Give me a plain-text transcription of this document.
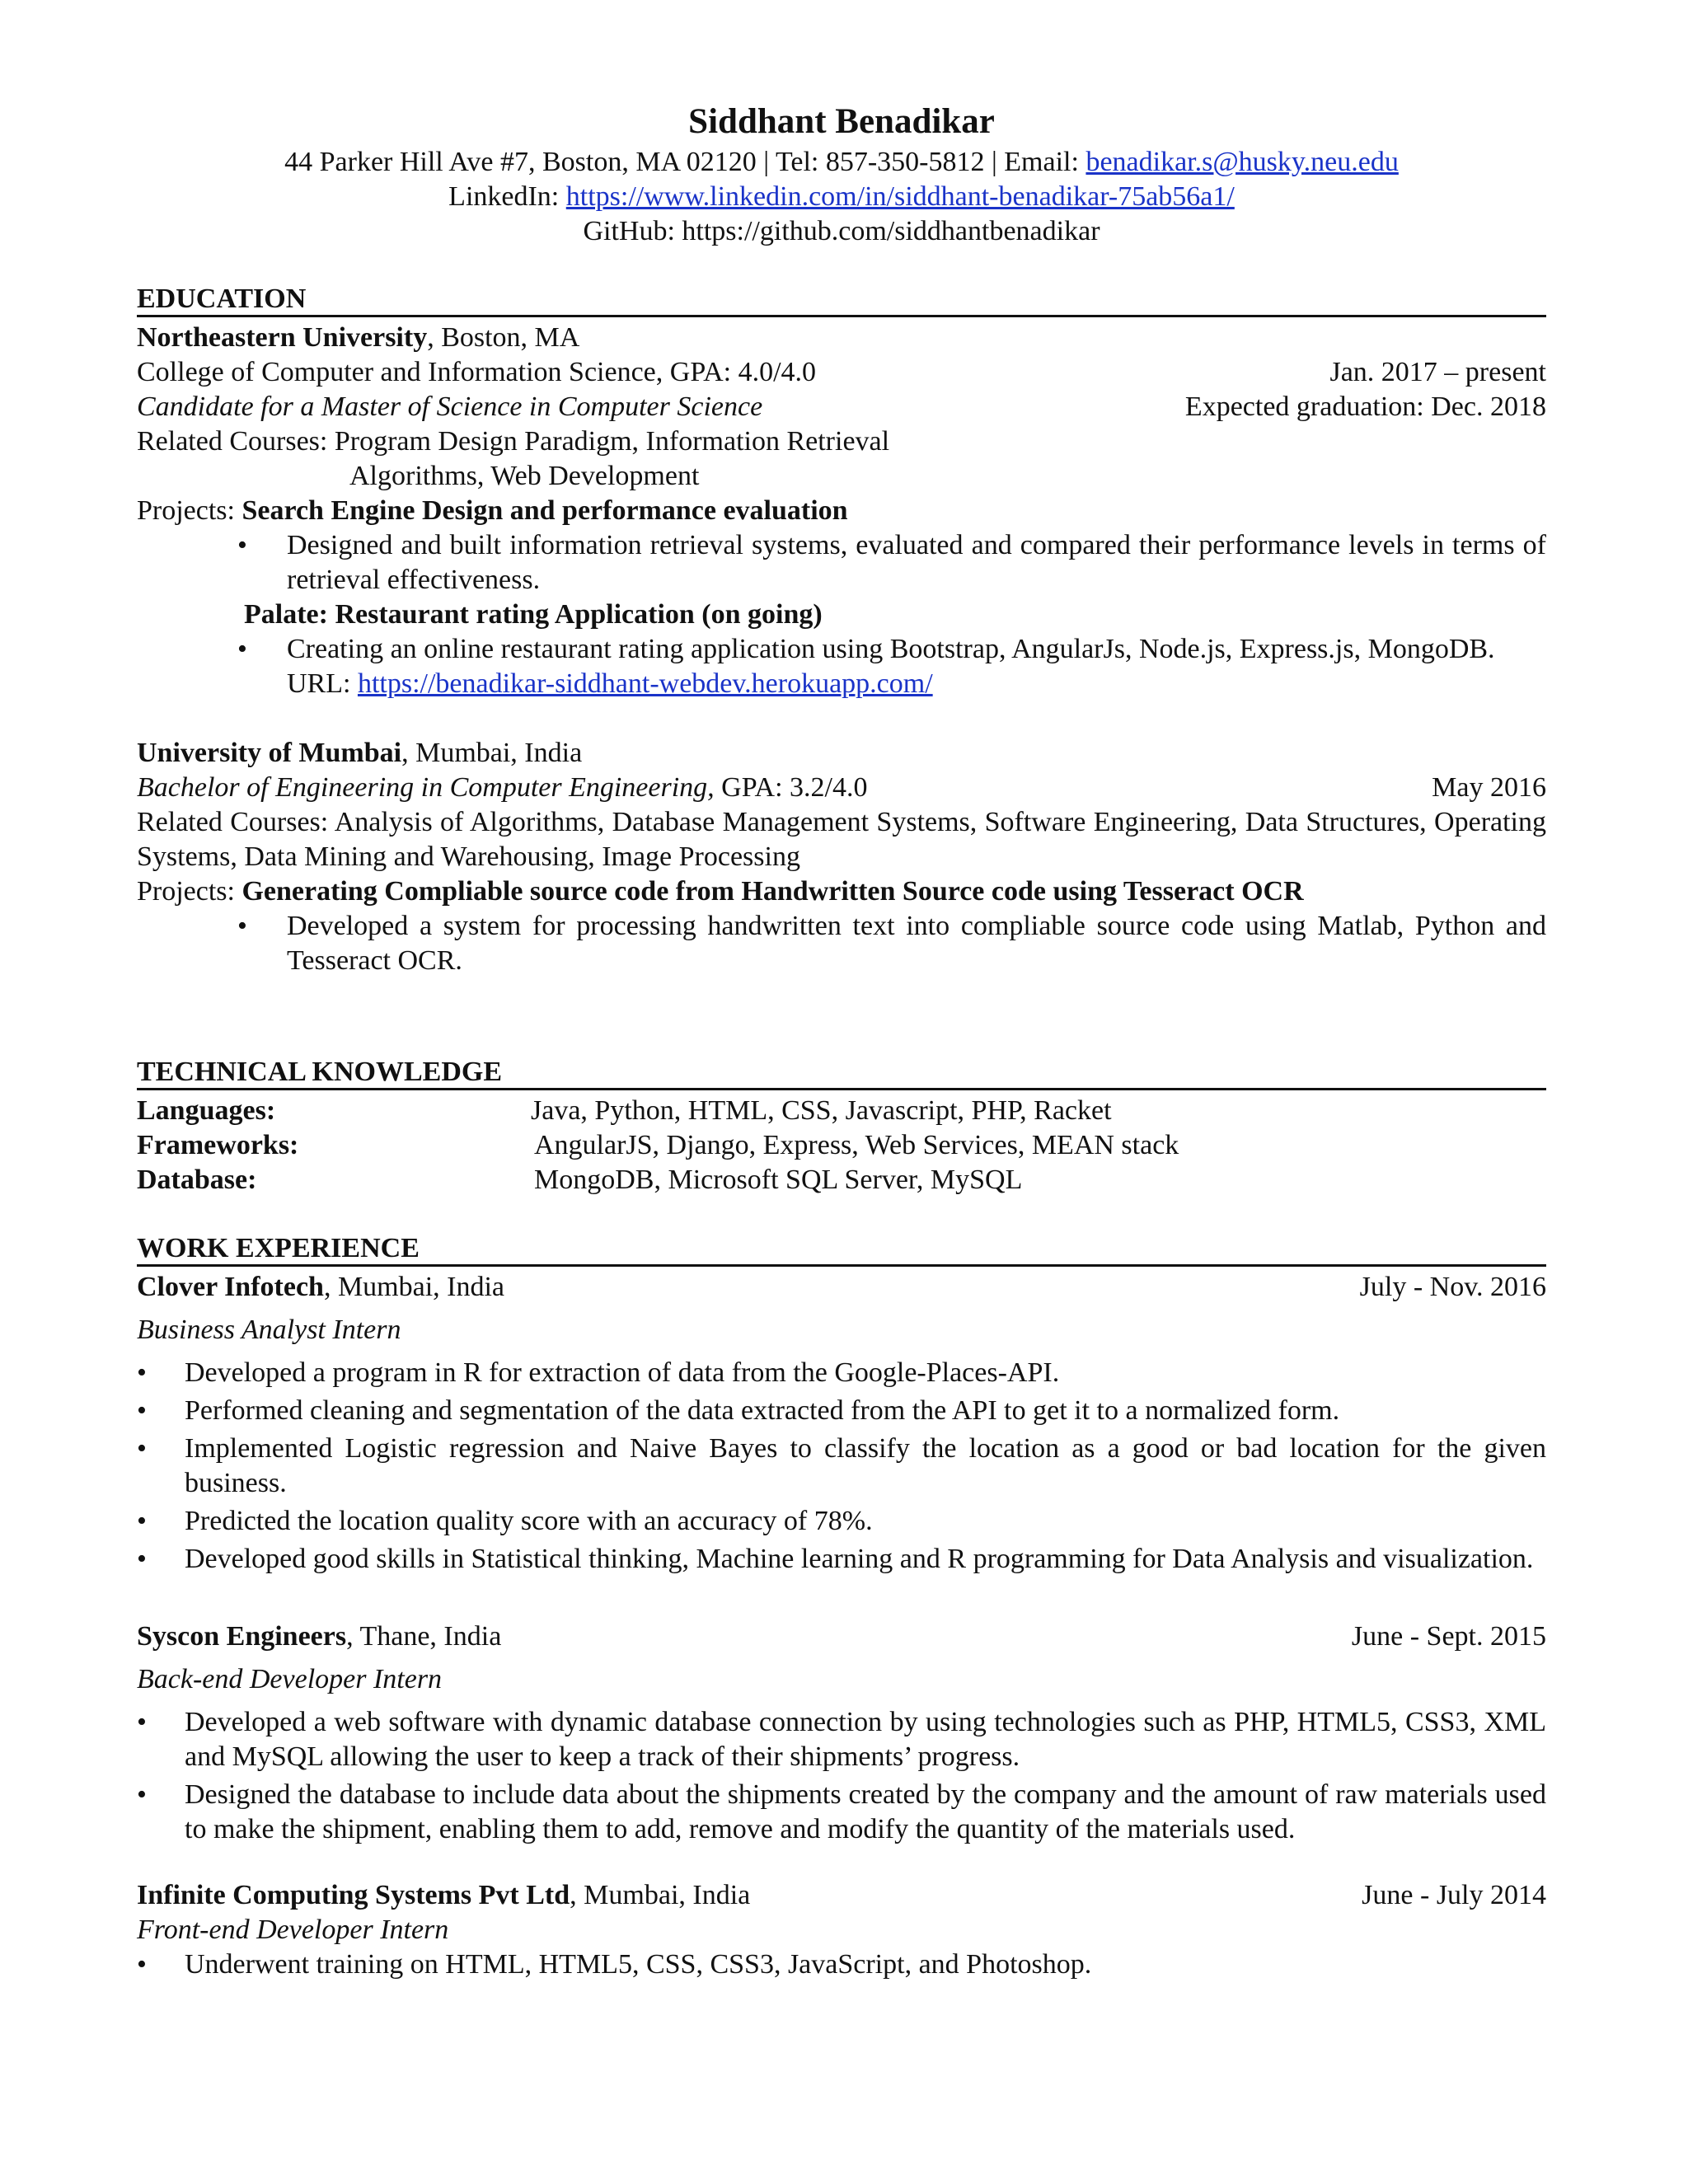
Siddhant Benadikar
44 Parker Hill Ave #7, Boston, MA 02120 | Tel: 857-350-5812 | Email: benadikar.s@husky.neu.edu
LinkedIn: https://www.linkedin.com/in/siddhant-benadikar-75ab56a1/
GitHub: https://github.com/siddhantbenadikar
EDUCATION
Northeastern University, Boston, MA
College of Computer and Information Science, GPA: 4.0/4.0	Jan. 2017 – present
Candidate for a Master of Science in Computer Science	Expected graduation: Dec. 2018
Related Courses: Program Design Paradigm, Information Retrieval
Algorithms, Web Development
Projects: Search Engine Design and performance evaluation
• Designed and built information retrieval systems, evaluated and compared their performance levels in terms of retrieval effectiveness.
Palate: Restaurant rating Application (on going)
• Creating an online restaurant rating application using Bootstrap, AngularJs, Node.js, Express.js, MongoDB.
URL: https://benadikar-siddhant-webdev.herokuapp.com/
University of Mumbai, Mumbai, India
Bachelor of Engineering in Computer Engineering, GPA: 3.2/4.0	May 2016
Related Courses: Analysis of Algorithms, Database Management Systems, Software Engineering, Data Structures, Operating Systems, Data Mining and Warehousing, Image Processing
Projects: Generating Compliable source code from Handwritten Source code using Tesseract OCR
• Developed a system for processing handwritten text into compliable source code using Matlab, Python and Tesseract OCR.
TECHNICAL KNOWLEDGE
Languages:	Java, Python, HTML, CSS, Javascript, PHP, Racket
Frameworks:	AngularJS, Django, Express, Web Services, MEAN stack
Database:	MongoDB, Microsoft SQL Server, MySQL
WORK EXPERIENCE
Clover Infotech, Mumbai, India	July - Nov. 2016
Business Analyst Intern
• Developed a program in R for extraction of data from the Google-Places-API.
• Performed cleaning and segmentation of the data extracted from the API to get it to a normalized form.
• Implemented Logistic regression and Naive Bayes to classify the location as a good or bad location for the given business.
• Predicted the location quality score with an accuracy of 78%.
• Developed good skills in Statistical thinking, Machine learning and R programming for Data Analysis and visualization.
Syscon Engineers, Thane, India	June - Sept. 2015
Back-end Developer Intern
• Developed a web software with dynamic database connection by using technologies such as PHP, HTML5, CSS3, XML and MySQL allowing the user to keep a track of their shipments’ progress.
• Designed the database to include data about the shipments created by the company and the amount of raw materials used to make the shipment, enabling them to add, remove and modify the quantity of the materials used.
Infinite Computing Systems Pvt Ltd, Mumbai, India	June - July 2014
Front-end Developer Intern
• Underwent training on HTML, HTML5, CSS, CSS3, JavaScript, and Photoshop.
